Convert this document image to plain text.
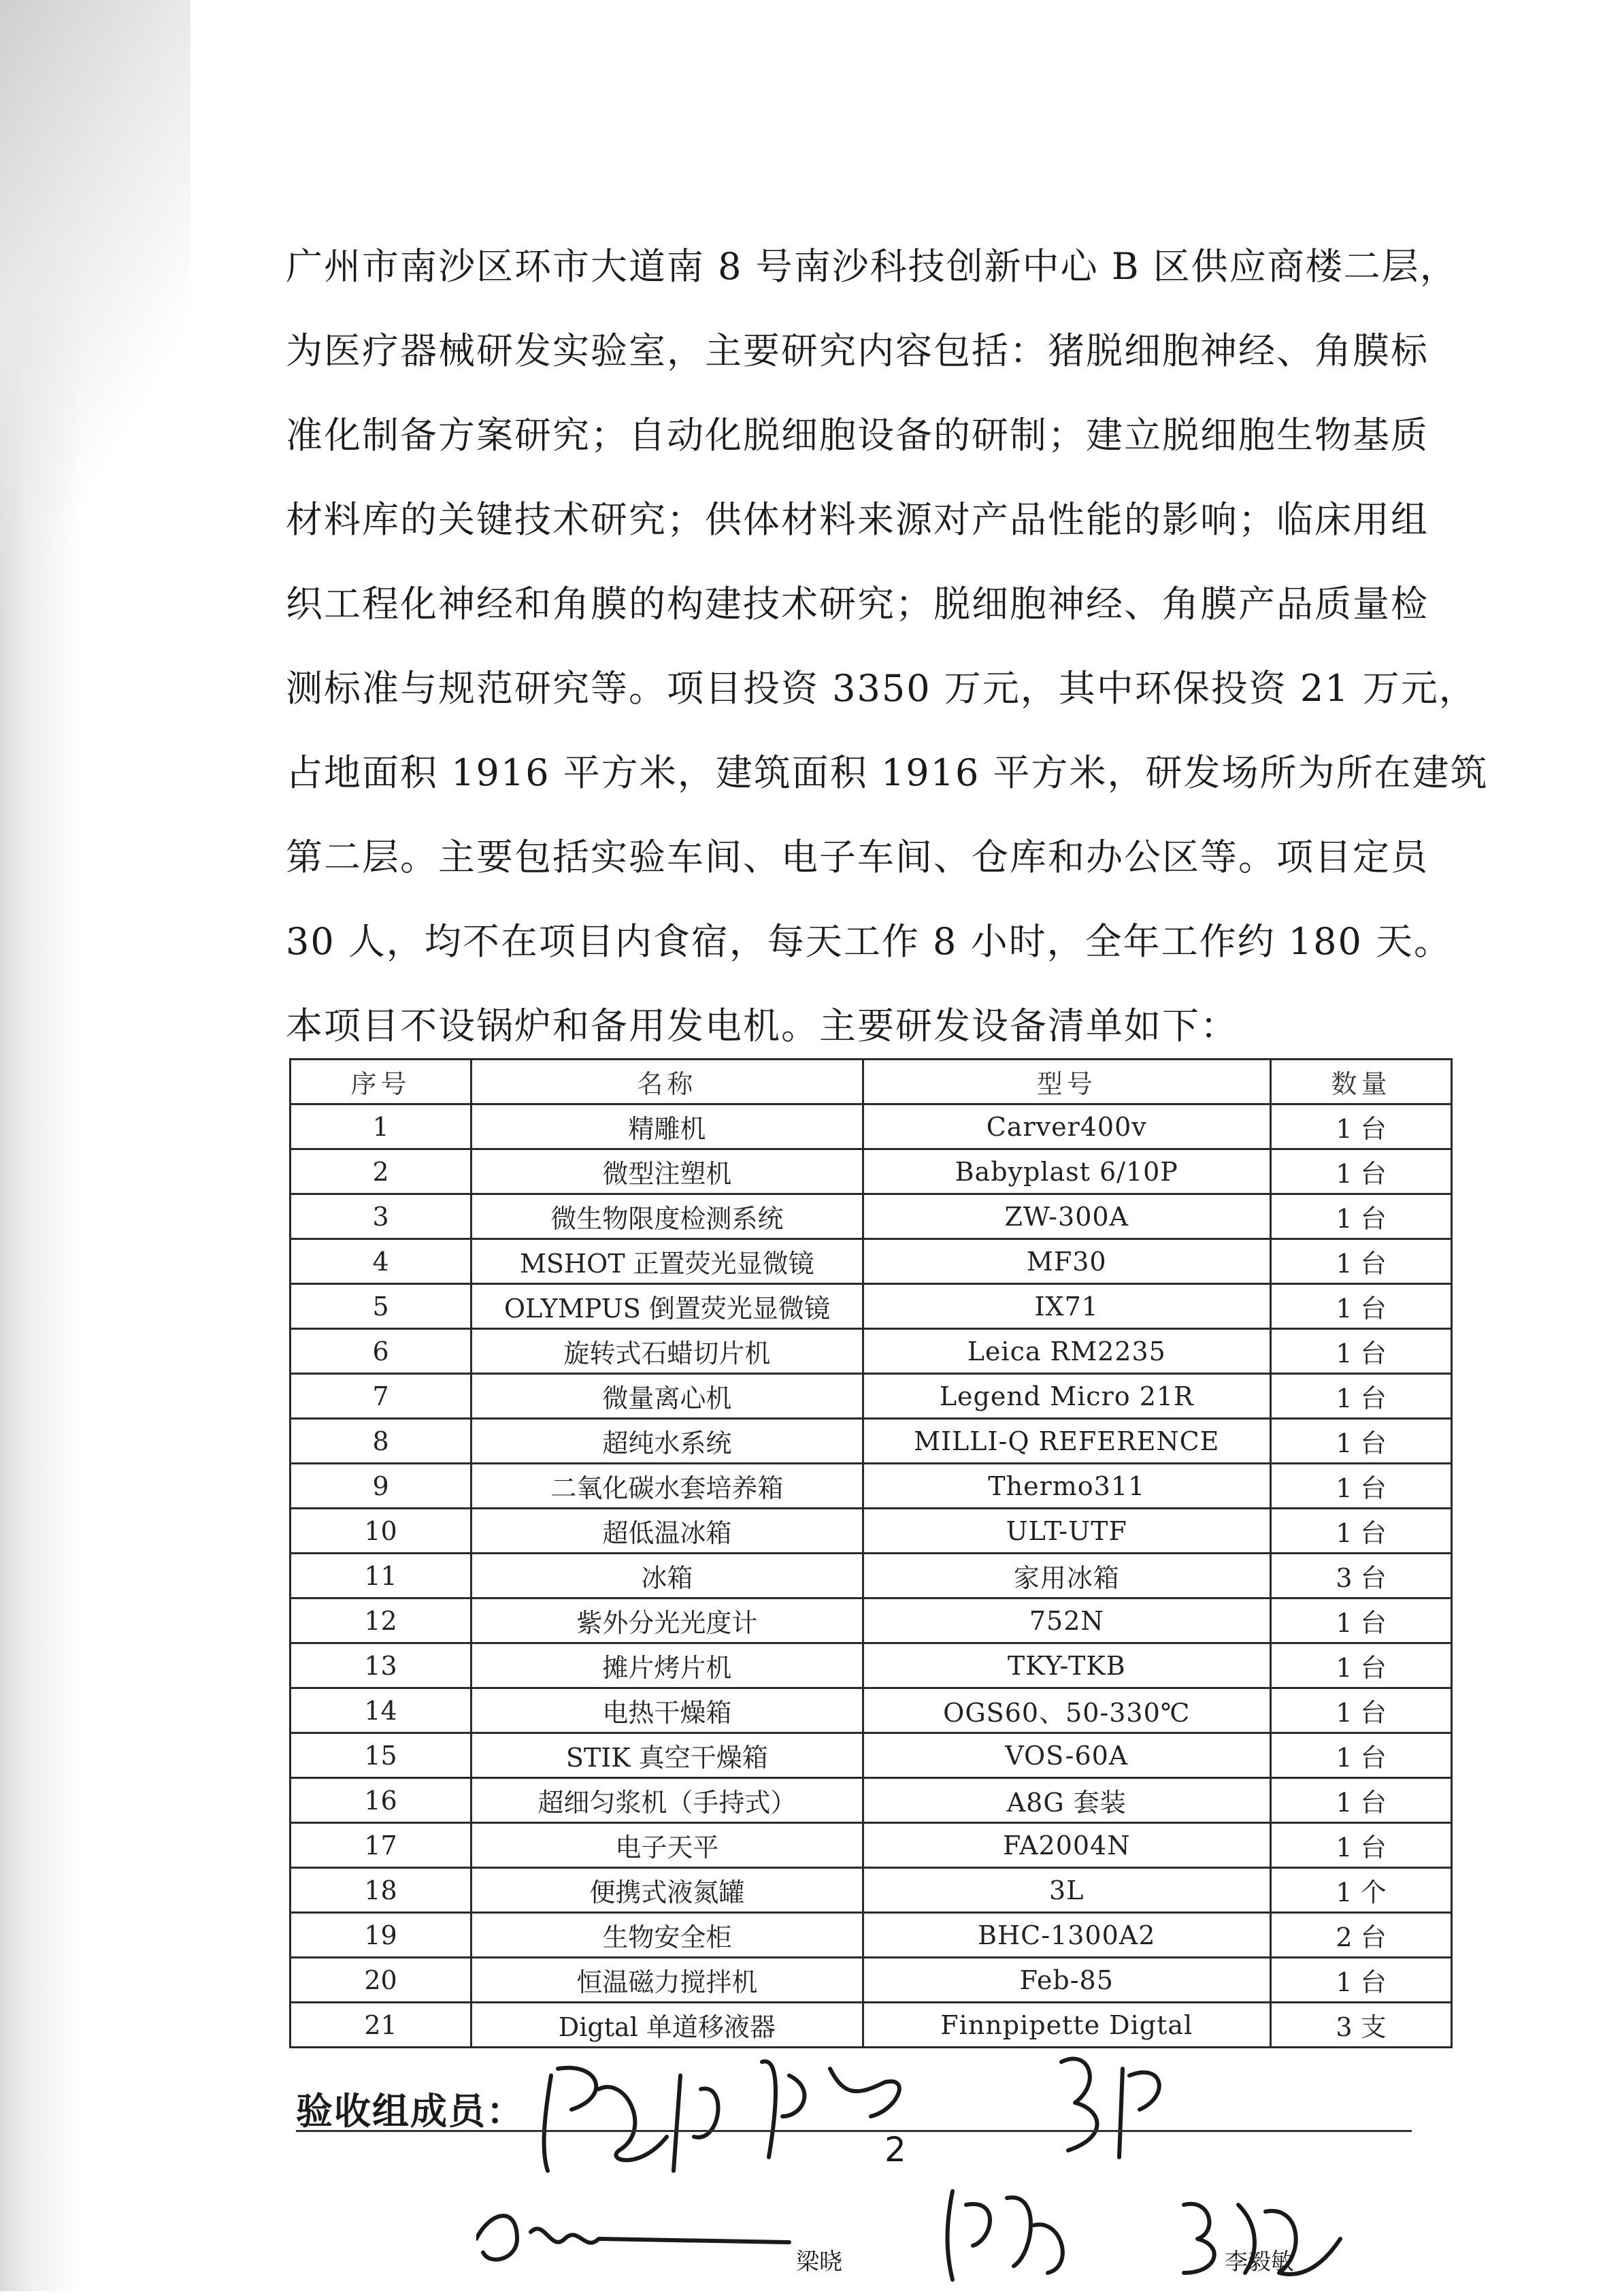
广州市南沙区环市大道南 8 号南沙科技创新中心 B 区供应商楼二层，
为医疗器械研发实验室，主要研究内容包括：猪脱细胞神经、角膜标
准化制备方案研究；自动化脱细胞设备的研制；建立脱细胞生物基质
材料库的关键技术研究；供体材料来源对产品性能的影响；临床用组
织工程化神经和角膜的构建技术研究；脱细胞神经、角膜产品质量检
测标准与规范研究等。项目投资 3350 万元，其中环保投资 21 万元，
占地面积 1916 平方米，建筑面积 1916 平方米，研发场所为所在建筑
第二层。主要包括实验车间、电子车间、仓库和办公区等。项目定员
30 人，均不在项目内食宿，每天工作 8 小时，全年工作约 180 天。
本项目不设锅炉和备用发电机。主要研发设备清单如下：

序号	名称	型号	数量
1	精雕机	Carver400v	1 台
2	微型注塑机	Babyplast 6/10P	1 台
3	微生物限度检测系统	ZW-300A	1 台
4	MSHOT 正置荧光显微镜	MF30	1 台
5	OLYMPUS 倒置荧光显微镜	IX71	1 台
6	旋转式石蜡切片机	Leica RM2235	1 台
7	微量离心机	Legend Micro 21R	1 台
8	超纯水系统	MILLI-Q REFERENCE	1 台
9	二氧化碳水套培养箱	Thermo311	1 台
10	超低温冰箱	ULT-UTF	1 台
11	冰箱	家用冰箱	3 台
12	紫外分光光度计	752N	1 台
13	摊片烤片机	TKY-TKB	1 台
14	电热干燥箱	OGS60、50-330℃	1 台
15	STIK 真空干燥箱	VOS-60A	1 台
16	超细匀浆机（手持式）	A8G 套装	1 台
17	电子天平	FA2004N	1 台
18	便携式液氮罐	3L	1 个
19	生物安全柜	BHC-1300A2	2 台
20	恒温磁力搅拌机	Feb-85	1 台
21	Digtal 单道移液器	Finnpipette Digtal	3 支
梁晓	李毅敏
验收组成员：
2
